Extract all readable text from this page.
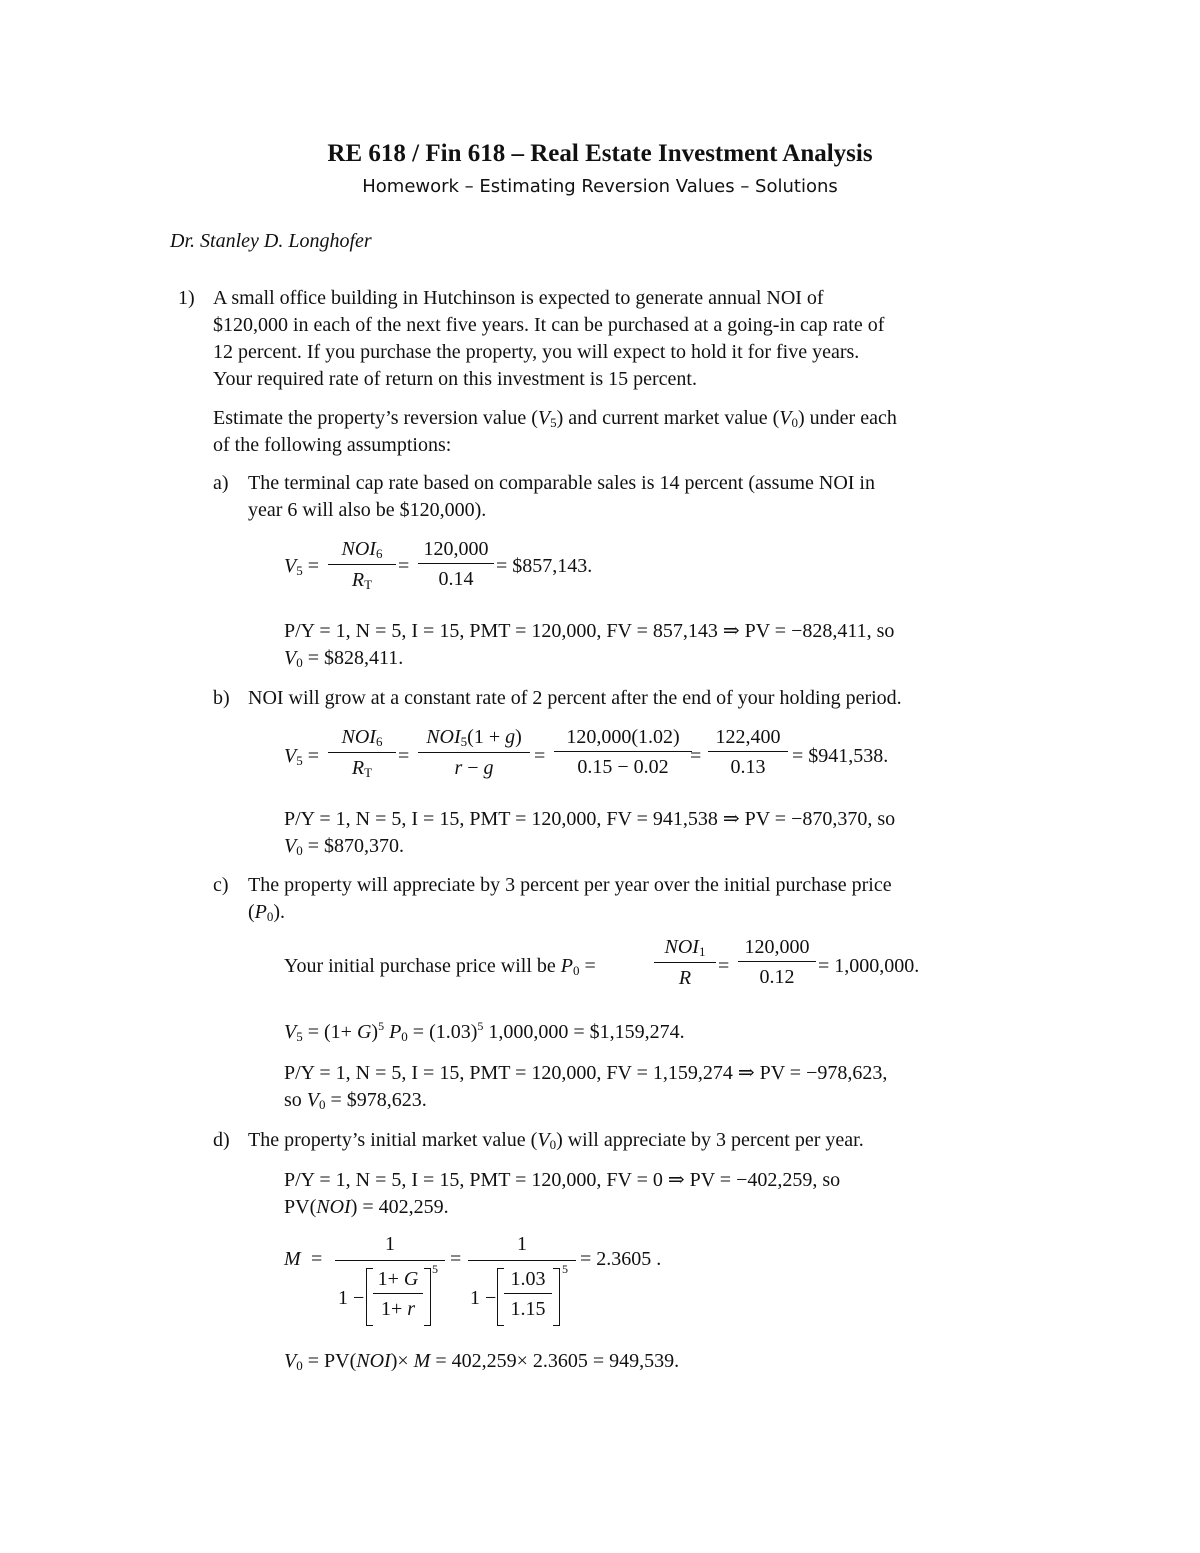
RE 618 / Fin 618 – Real Estate Investment Analysis
Homework – Estimating Reversion Values – Solutions
Dr. Stanley D. Longhofer
1) A small office building in Hutchinson is expected to generate annual NOI of
$120,000 in each of the next five years. It can be purchased at a going-in cap rate of
12 percent. If you purchase the property, you will expect to hold it for five years.
Your required rate of return on this investment is 15 percent.
Estimate the property’s reversion value $(V_5)$ and current market value $(V_0)$ under each
of the following assumptions:
a) The terminal cap rate based on comparable sales is 14 percent (assume NOI in
year 6 will also be $120,000).
$V_5$ =
$NOI_6$
$R_T$
= $\frac{120,000}{0.14}$ = $857,143.
P/Y = 1, N = 5, I = 15, PMT = 120,000, FV = 857,143 ⇒ PV = −828,411, so
$V_0$ = $828,411.
b) NOI will grow at a constant rate of 2 percent after the end of your holding period.
$V_5$ =
$NOI_6$
$R_T$
=
$NOI_5(1 + g)$
r − g
= $\frac{120,000(1.02)}{0.15 - 0.02}$
= $\frac{122,400}{0.13}$ = $941,538.
P/Y = 1, N = 5, I = 15, PMT = 120,000, FV = 941,538 ⇒ PV = −870,370, so
$V_0$ = $870,370.
c) The property will appreciate by 3 percent per year over the initial purchase price
$(P_0)$.
Your initial purchase price will be $P_0$ =
$NOI_1$
R
= $\frac{120,000}{0.12} = 1,000,000$.
$V_5 = (1+ G)^5$ $P_0 = (1.03)^5$ 1,000,000 = $1,159,274.
P/Y = 1, N = 5, I = 15, PMT = 120,000, FV = 1,159,274 ⇒ PV = −978,623,
so $V_0$ = $978,623.
d) The property’s initial market value $(V_0)$ will appreciate by 3 percent per year.
P/Y = 1, N = 5, I = 15, PMT = 120,000, FV = 0 ⇒ PV = −402,259, so
PV(NOI) = 402,259.
M =
1
$1 - \frac{1+ G}{1+ r} 5$ =
1
$1 - \frac{1.03}{1.15} 5 = 2.3605$ .
$V_0 = PV(NOI)\times M = 402,259\times 2.3605 = 949,539$.
